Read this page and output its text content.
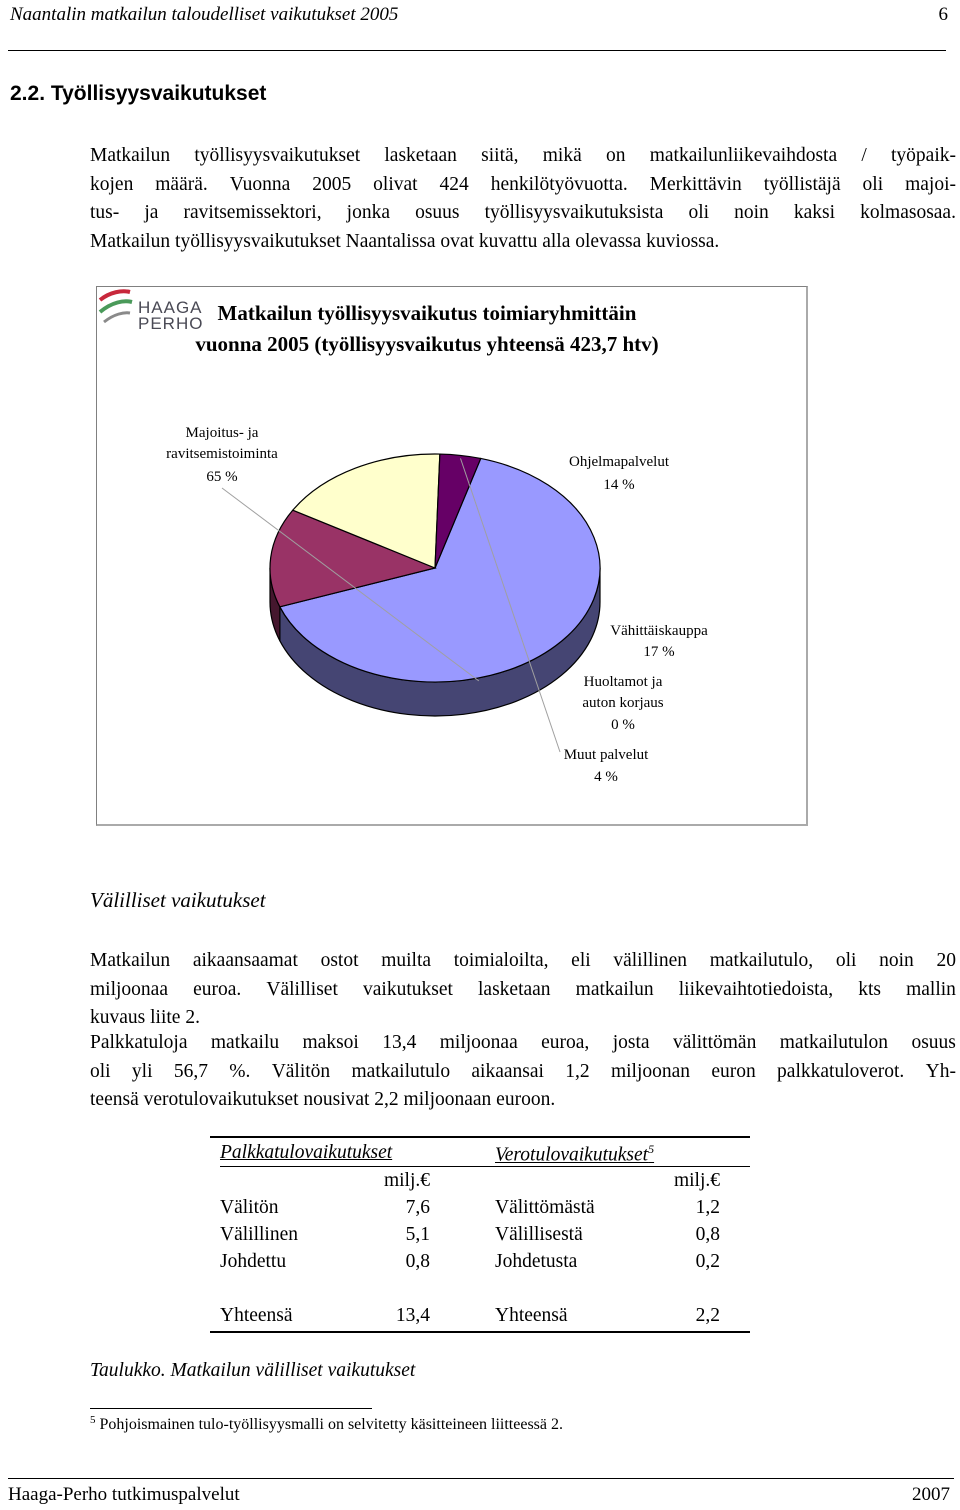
Naantalin matkailun taloudelliset vaikutukset 2005	6
2.2. Työllisyysvaikutukset
Matkailun työllisyysvaikutukset lasketaan siitä, mikä on matkailunliikevaihdosta / työpaik-
kojen määrä. Vuonna 2005 olivat 424 henkilötyövuotta. Merkittävin työllistäjä oli majoi-
tus- ja ravitsemissektori, jonka osuus työllisyysvaikutuksista oli noin kaksi kolmasosaa.
Matkailun työllisyysvaikutukset Naantalissa ovat kuvattu alla olevassa kuviossa.
Matkailun työllisyysvaikutus toimiaryhmittäin
vuonna 2005 (työllisyysvaikutus yhteensä 423,7 htv)
HAAGA
PERHO
Majoitus- ja
ravitsemistoiminta
65 %
Ohjelmapalvelut
14 %
Vähittäiskauppa
17 %
Huoltamot ja
auton korjaus
0 %
Muut palvelut
4 %
Välilliset vaikutukset
Matkailun aikaansaamat ostot muilta toimialoilta, eli välillinen matkailutulo, oli noin 20
miljoonaa euroa. Välilliset vaikutukset lasketaan matkailun liikevaihtotiedoista, kts mallin
kuvaus liite 2.
Palkkatuloja matkailu maksoi 13,4 miljoonaa euroa, josta välittömän matkailutulon osuus
oli yli 56,7 %. Välitön matkailutulo aikaansai 1,2 miljoonan euron palkkatuloverot. Yh-
teensä verotulovaikutukset nousivat 2,2 miljoonaan euroon.
Palkkatulovaikutukset	Verotulovaikutukset$^5$
milj.€	milj.€
Välitön	7,6	Välittömästä	1,2
Välillinen	5,1	Välillisestä	0,8
Johdettu	0,8	Johdetusta	0,2
Yhteensä	13,4	Yhteensä	2,2
Taulukko. Matkailun välilliset vaikutukset
$^5$ Pohjoismainen tulo-työllisyysmalli on selvitetty käsitteineen liitteessä 2.
Haaga-Perho tutkimuspalvelut	2007
